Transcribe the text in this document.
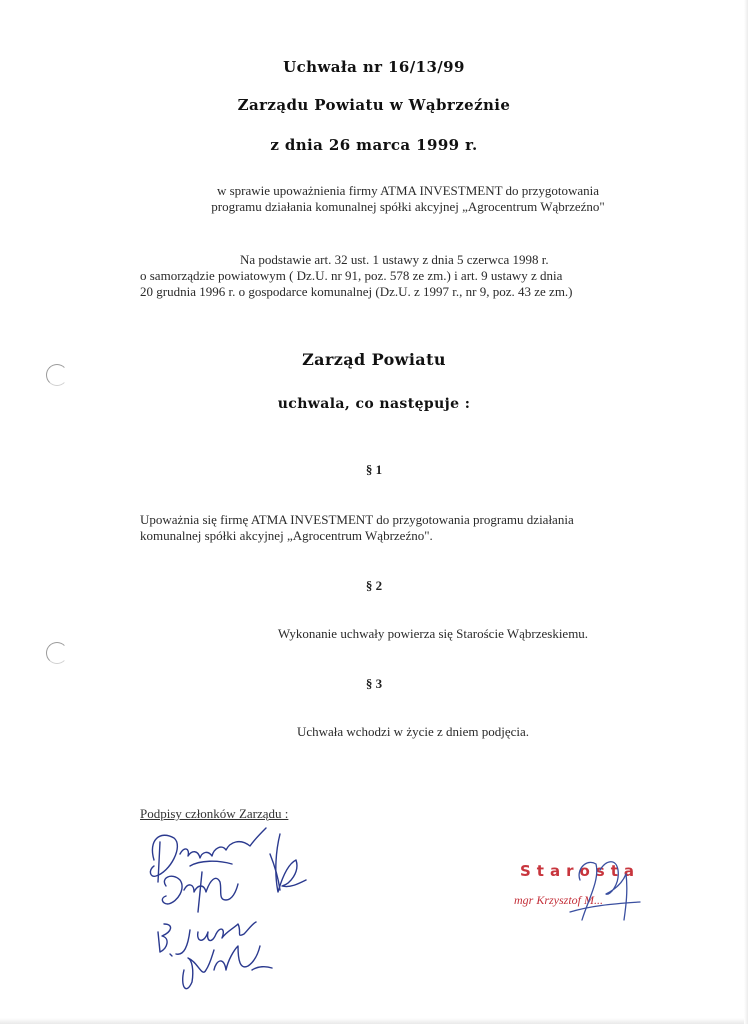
Uchwała nr 16/13/99
Zarządu Powiatu w Wąbrzeźnie
z dnia 26 marca 1999 r.
w sprawie upoważnienia firmy ATMA INVESTMENT do przygotowania
programu działania komunalnej spółki akcyjnej „Agrocentrum Wąbrzeźno"
Na podstawie art. 32 ust. 1 ustawy z dnia 5 czerwca 1998 r.
o samorządzie powiatowym ( Dz.U. nr 91, poz. 578 ze zm.) i art. 9 ustawy z dnia
20 grudnia 1996 r. o gospodarce komunalnej (Dz.U. z 1997 r., nr 9, poz. 43 ze zm.)
Zarząd Powiatu
uchwala, co następuje :
§ 1
Upoważnia się firmę ATMA INVESTMENT do przygotowania programu działania
komunalnej spółki akcyjnej „Agrocentrum Wąbrzeźno".
§ 2
Wykonanie uchwały powierza się Staroście Wąbrzeskiemu.
§ 3
Uchwała wchodzi w życie z dniem podjęcia.
Podpisy członków Zarządu :
Starosta
mgr Krzysztof M...
